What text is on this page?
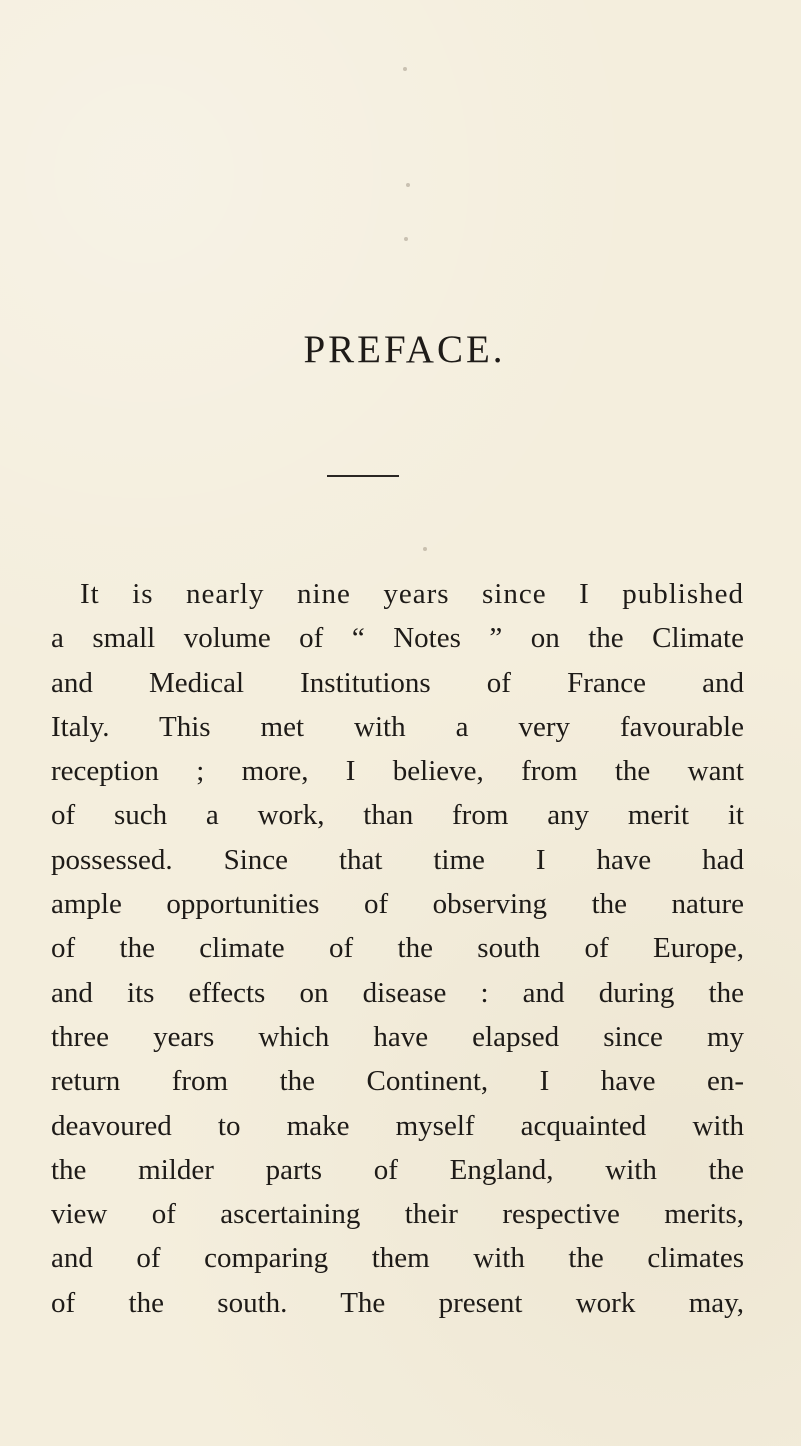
PREFACE.
It is nearly nine years since I published
a small volume of “ Notes ” on the Climate
and Medical Institutions of France and
Italy. This met with a very favourable
reception ; more, I believe, from the want
of such a work, than from any merit it
possessed. Since that time I have had
ample opportunities of observing the nature
of the climate of the south of Europe,
and its effects on disease : and during the
three years which have elapsed since my
return from the Continent, I have en-
deavoured to make myself acquainted with
the milder parts of England, with the
view of ascertaining their respective merits,
and of comparing them with the climates
of the south. The present work may,
